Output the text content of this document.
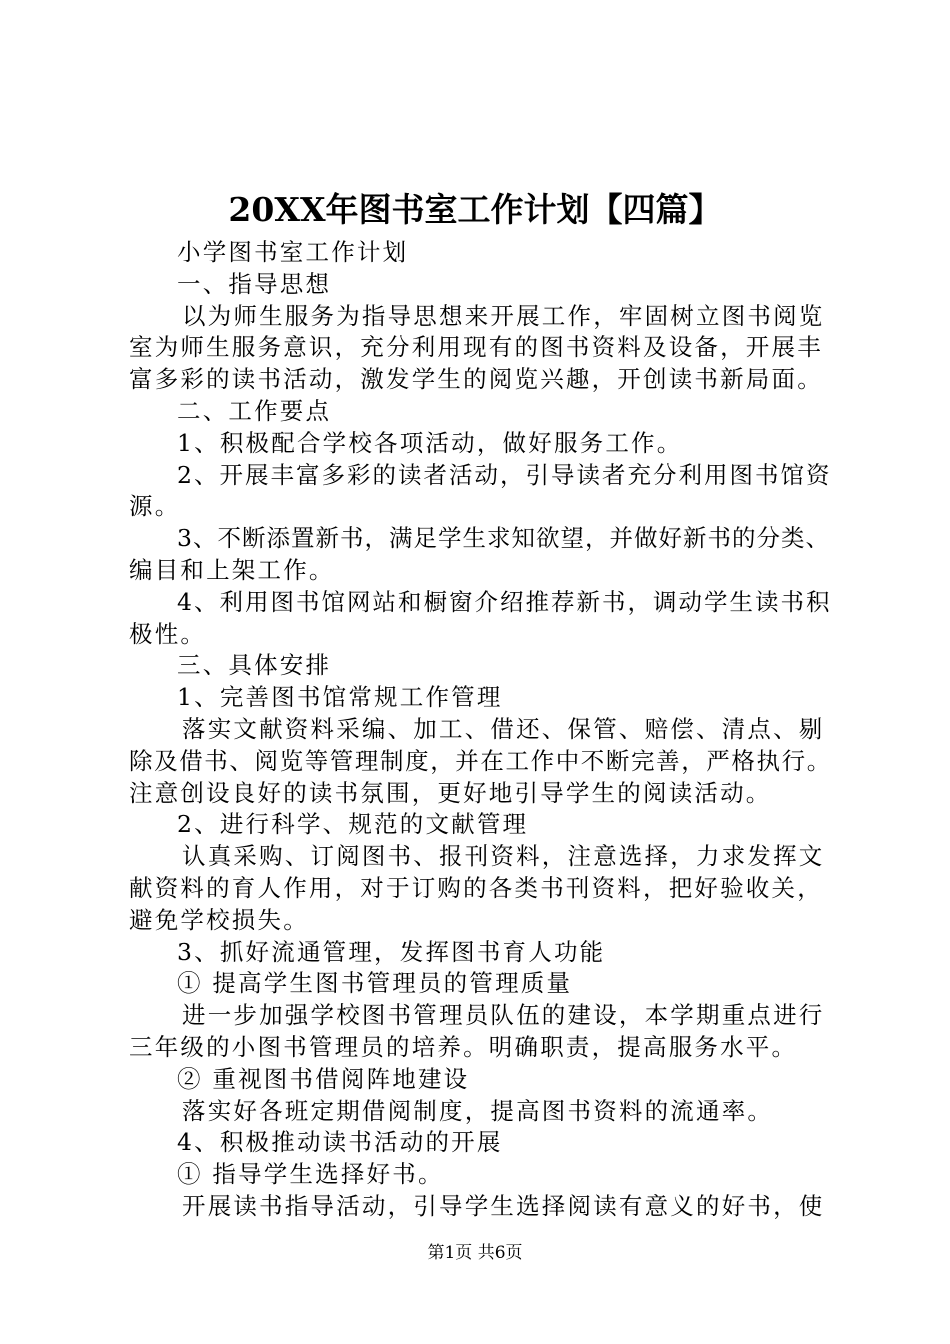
20XX年图书室工作计划【四篇】
小学图书室工作计划
一、指导思想
以为师生服务为指导思想来开展工作，牢固树立图书阅览
室为师生服务意识，充分利用现有的图书资料及设备，开展丰
富多彩的读书活动，激发学生的阅览兴趣，开创读书新局面。
二、工作要点
1、积极配合学校各项活动，做好服务工作。
2、开展丰富多彩的读者活动，引导读者充分利用图书馆资
源。
3、不断添置新书，满足学生求知欲望，并做好新书的分类、
编目和上架工作。
4、利用图书馆网站和橱窗介绍推荐新书，调动学生读书积
极性。
三、具体安排
1、完善图书馆常规工作管理
落实文献资料采编、加工、借还、保管、赔偿、清点、剔
除及借书、阅览等管理制度，并在工作中不断完善，严格执行。
注意创设良好的读书氛围，更好地引导学生的阅读活动。
2、进行科学、规范的文献管理
认真采购、订阅图书、报刊资料，注意选择，力求发挥文
献资料的育人作用，对于订购的各类书刊资料，把好验收关，
避免学校损失。
3、抓好流通管理，发挥图书育人功能
① 提高学生图书管理员的管理质量
进一步加强学校图书管理员队伍的建设，本学期重点进行
三年级的小图书管理员的培养。明确职责，提高服务水平。
② 重视图书借阅阵地建设
落实好各班定期借阅制度，提高图书资料的流通率。
4、积极推动读书活动的开展
① 指导学生选择好书。
开展读书指导活动，引导学生选择阅读有意义的好书，使
第1页 共6页
